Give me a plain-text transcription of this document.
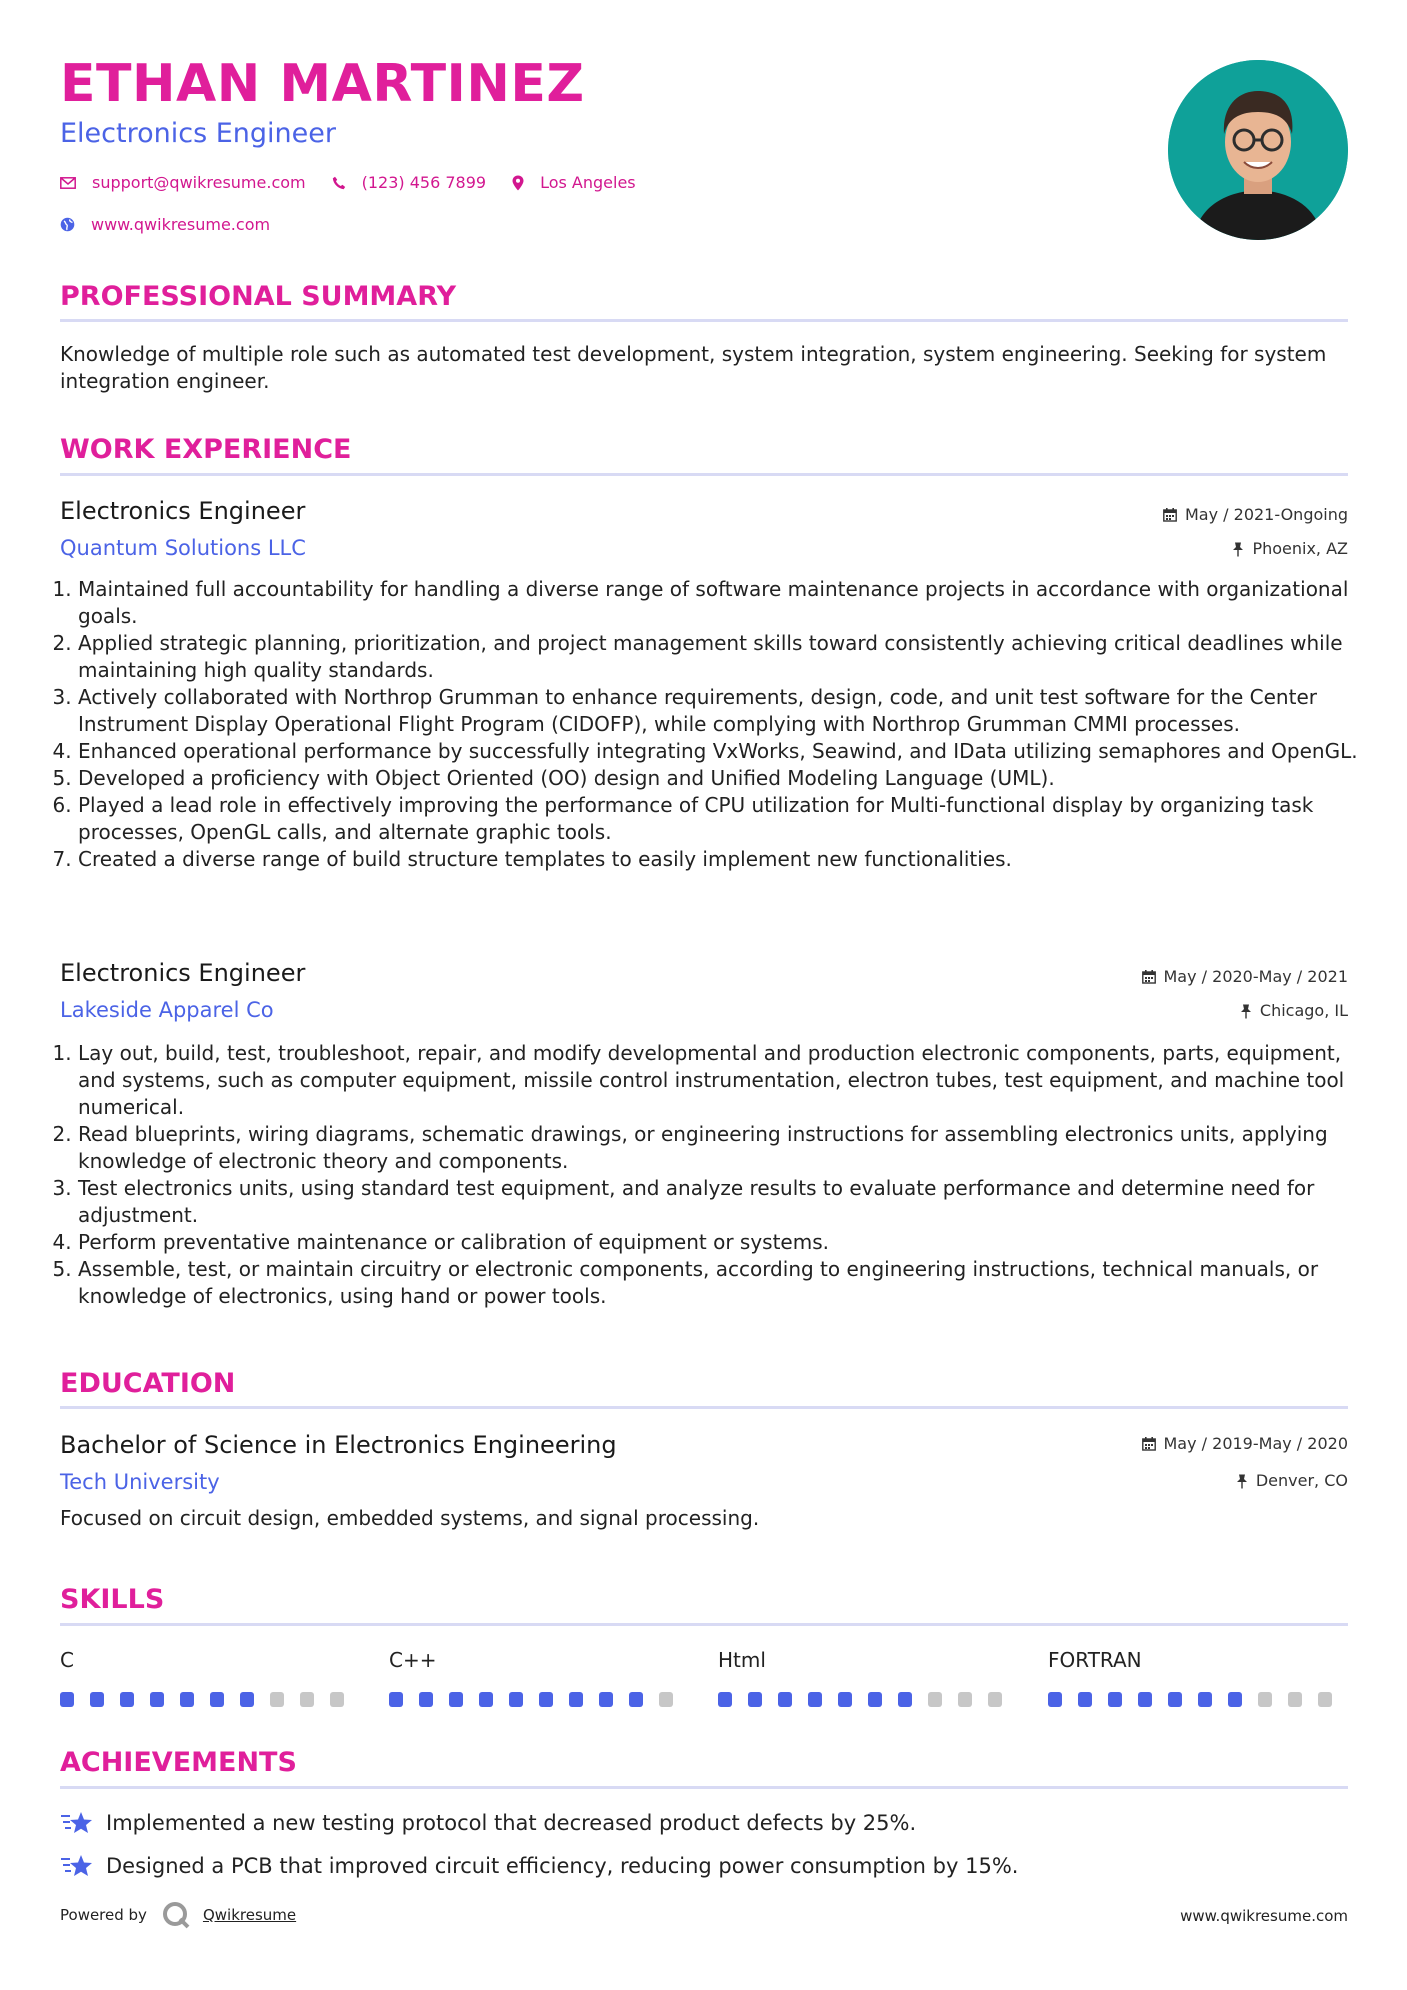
ETHAN MARTINEZ
Electronics Engineer
support@qwikresume.com	(123) 456 7899	Los Angeles
www.qwikresume.com
PROFESSIONAL SUMMARY
Knowledge of multiple role such as automated test development, system integration, system engineering. Seeking for system integration engineer.
WORK EXPERIENCE
Electronics Engineer
Quantum Solutions LLC
May / 2021-Ongoing
Phoenix, AZ
1. Maintained full accountability for handling a diverse range of software maintenance projects in accordance with organizational goals.
2. Applied strategic planning, prioritization, and project management skills toward consistently achieving critical deadlines while maintaining high quality standards.
3. Actively collaborated with Northrop Grumman to enhance requirements, design, code, and unit test software for the Center Instrument Display Operational Flight Program (CIDOFP), while complying with Northrop Grumman CMMI processes.
4. Enhanced operational performance by successfully integrating VxWorks, Seawind, and IData utilizing semaphores and OpenGL.
5. Developed a proficiency with Object Oriented (OO) design and Unified Modeling Language (UML).
6. Played a lead role in effectively improving the performance of CPU utilization for Multi-functional display by organizing task processes, OpenGL calls, and alternate graphic tools.
7. Created a diverse range of build structure templates to easily implement new functionalities.
Electronics Engineer
Lakeside Apparel Co
May / 2020-May / 2021
Chicago, IL
1. Lay out, build, test, troubleshoot, repair, and modify developmental and production electronic components, parts, equipment, and systems, such as computer equipment, missile control instrumentation, electron tubes, test equipment, and machine tool numerical.
2. Read blueprints, wiring diagrams, schematic drawings, or engineering instructions for assembling electronics units, applying knowledge of electronic theory and components.
3. Test electronics units, using standard test equipment, and analyze results to evaluate performance and determine need for adjustment.
4. Perform preventative maintenance or calibration of equipment or systems.
5. Assemble, test, or maintain circuitry or electronic components, according to engineering instructions, technical manuals, or knowledge of electronics, using hand or power tools.
EDUCATION
Bachelor of Science in Electronics Engineering
Tech University
May / 2019-May / 2020
Denver, CO
Focused on circuit design, embedded systems, and signal processing.
SKILLS
C	C++	Html	FORTRAN
ACHIEVEMENTS
Implemented a new testing protocol that decreased product defects by 25%.
Designed a PCB that improved circuit efficiency, reducing power consumption by 15%.
Powered by	Qwikresume	www.qwikresume.com
